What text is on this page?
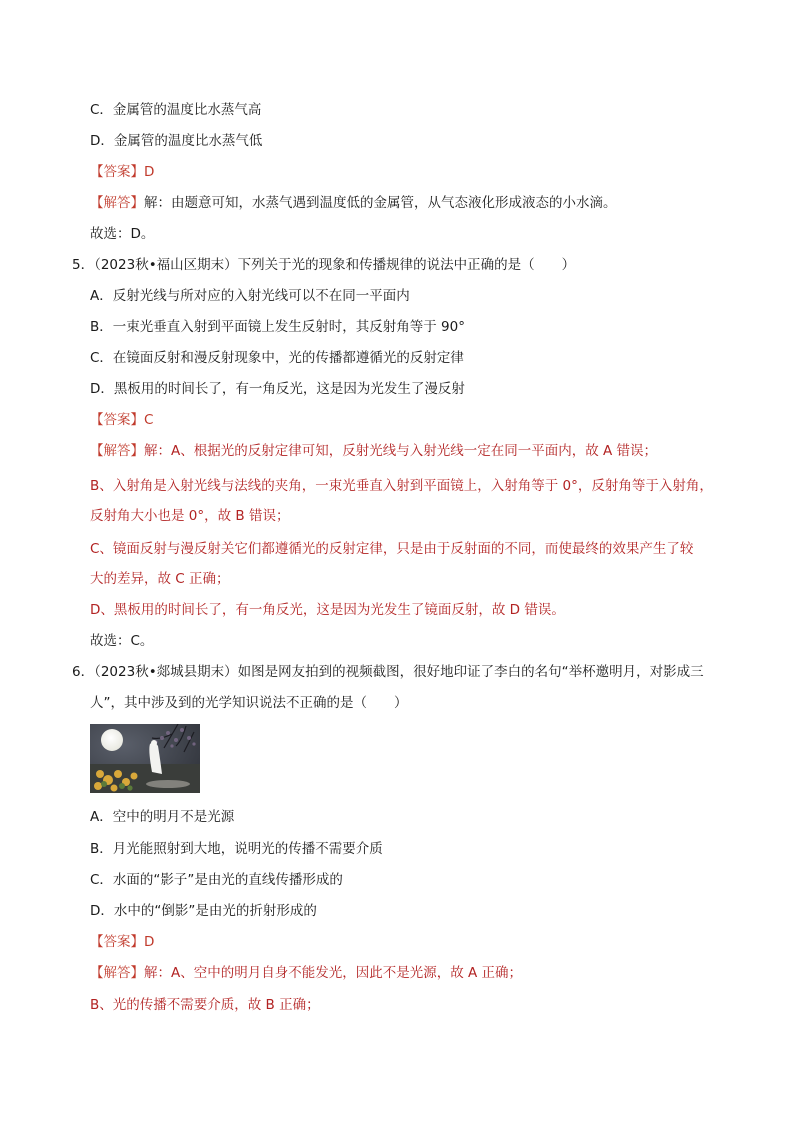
C．金属管的温度比水蒸气高
D．金属管的温度比水蒸气低
【答案】D
【解答】解：由题意可知，水蒸气遇到温度低的金属管，从气态液化形成液态的小水滴。
故选：D。
5．（2023秋•福山区期末）下列关于光的现象和传播规律的说法中正确的是（　　）
A．反射光线与所对应的入射光线可以不在同一平面内
B．一束光垂直入射到平面镜上发生反射时，其反射角等于 90°
C．在镜面反射和漫反射现象中，光的传播都遵循光的反射定律
D．黑板用的时间长了，有一角反光，这是因为光发生了漫反射
【答案】C
【解答】解：A、根据光的反射定律可知，反射光线与入射光线一定在同一平面内，故 A 错误；
B、入射角是入射光线与法线的夹角，一束光垂直入射到平面镜上，入射角等于 0°，反射角等于入射角，
反射角大小也是 0°，故 B 错误；
C、镜面反射与漫反射关它们都遵循光的反射定律，只是由于反射面的不同，而使最终的效果产生了较
大的差异，故 C 正确；
D、黑板用的时间长了，有一角反光，这是因为光发生了镜面反射，故 D 错误。
故选：C。
6．（2023秋•郯城县期末）如图是网友拍到的视频截图，很好地印证了李白的名句“举杯邀明月，对影成三
人”，其中涉及到的光学知识说法不正确的是（　　）
A．空中的明月不是光源
B．月光能照射到大地，说明光的传播不需要介质
C．水面的“影子”是由光的直线传播形成的
D．水中的“倒影”是由光的折射形成的
【答案】D
【解答】解：A、空中的明月自身不能发光，因此不是光源，故 A 正确；
B、光的传播不需要介质，故 B 正确；
